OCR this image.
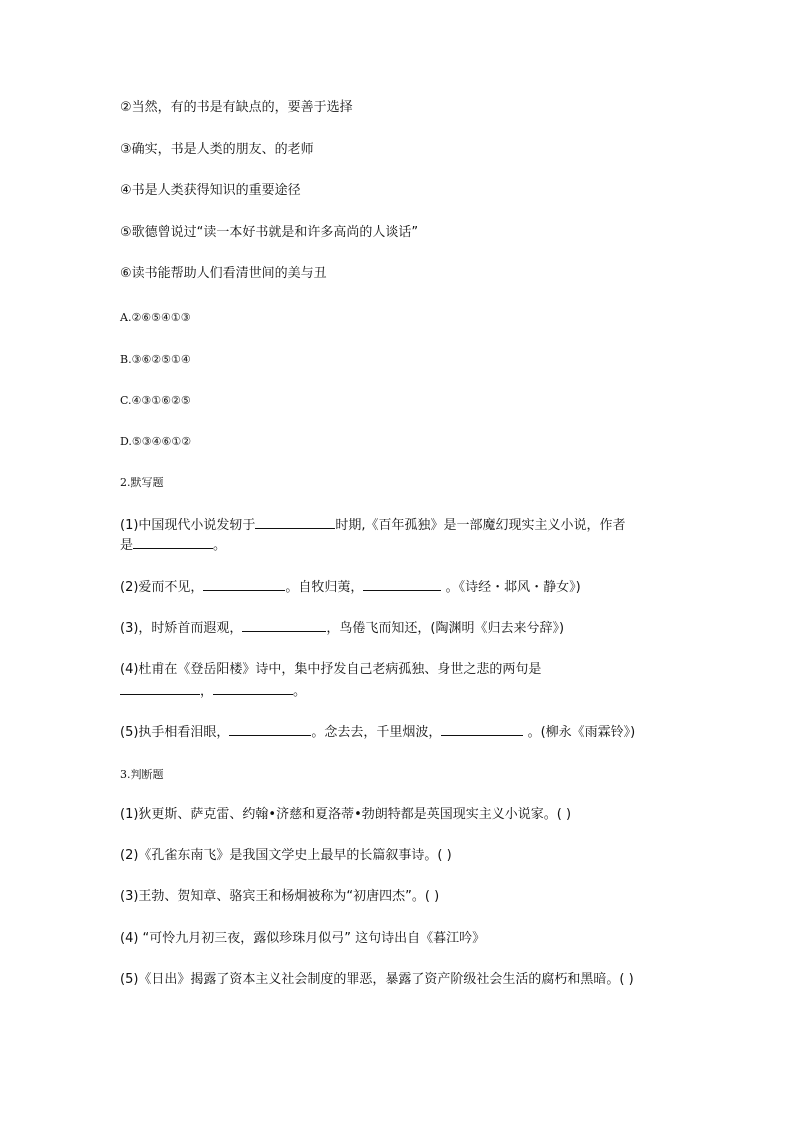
②当然，有的书是有缺点的，要善于选择

③确实，书是人类的朋友、的老师

④书是人类获得知识的重要途径

⑤歌德曾说过“读一本好书就是和许多高尚的人谈话”

⑥读书能帮助人们看清世间的美与丑

A.②⑥⑤④①③

B.③⑥②⑤①④

C.④③①⑥②⑤

D.⑤③④⑥①②

2.默写题

(1)中国现代小说发轫于	时期,《百年孤独》是一部魔幻现实主义小说，作者

是	。

(2)爱而不见，	。自牧归荑，	。《诗经・邶风・静女》)

(3)，时矫首而遐观，	，鸟倦飞而知还，(陶渊明《归去来兮辞》)

(4)杜甫在《登岳阳楼》诗中，集中抒发自己老病孤独、身世之悲的两句是

，	。

(5)执手相看泪眼，	。念去去，千里烟波，	。(柳永《雨霖铃》)

3.判断题

(1)狄更斯、萨克雷、约翰•济慈和夏洛蒂•勃朗特都是英国现实主义小说家。( )

(2)《孔雀东南飞》是我国文学史上最早的长篇叙事诗。( )

(3)王勃、贺知章、骆宾王和杨炯被称为“初唐四杰”。( )

(4) “可怜九月初三夜，露似珍珠月似弓” 这句诗出自《暮江吟》

(5)《日出》揭露了资本主义社会制度的罪恶，暴露了资产阶级社会生活的腐朽和黑暗。( )
